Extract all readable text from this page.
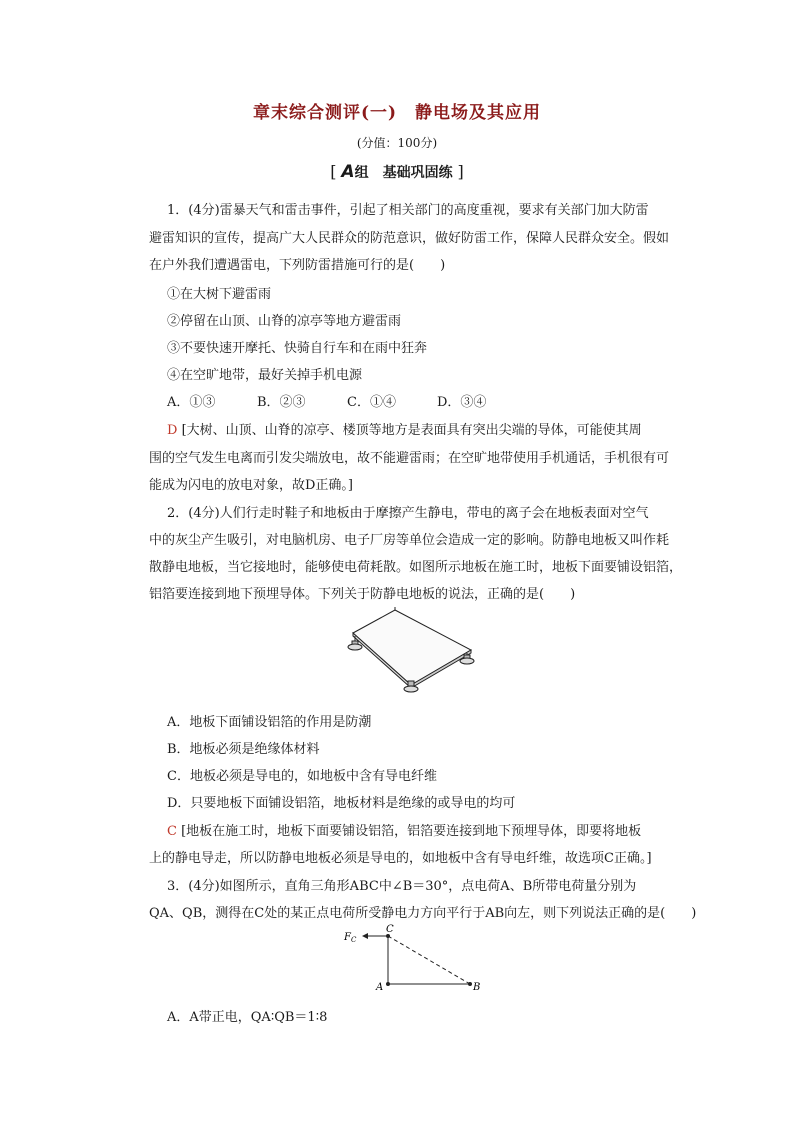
章末综合测评(一)　静电场及其应用
(分值：100分)
[ A组　基础巩固练 ]
1．(4分)雷暴天气和雷击事件，引起了相关部门的高度重视，要求有关部门加大防雷
避雷知识的宣传，提高广大人民群众的防范意识，做好防雷工作，保障人民群众安全。假如
在户外我们遭遇雷电，下列防雷措施可行的是(　　)
①在大树下避雷雨
②停留在山顶、山脊的凉亭等地方避雷雨
③不要快速开摩托、快骑自行车和在雨中狂奔
④在空旷地带，最好关掉手机电源
A．①③	B．②③	C．①④	D．③④
D [大树、山顶、山脊的凉亭、楼顶等地方是表面具有突出尖端的导体，可能使其周
围的空气发生电离而引发尖端放电，故不能避雷雨；在空旷地带使用手机通话，手机很有可
能成为闪电的放电对象，故D正确。]
2．(4分)人们行走时鞋子和地板由于摩擦产生静电，带电的离子会在地板表面对空气
中的灰尘产生吸引，对电脑机房、电子厂房等单位会造成一定的影响。防静电地板又叫作耗
散静电地板，当它接地时，能够使电荷耗散。如图所示地板在施工时，地板下面要铺设铝箔，
铝箔要连接到地下预埋导体。下列关于防静电地板的说法，正确的是(　　)
A．地板下面铺设铝箔的作用是防潮
B．地板必须是绝缘体材料
C．地板必须是导电的，如地板中含有导电纤维
D．只要地板下面铺设铝箔，地板材料是绝缘的或导电的均可
C [地板在施工时，地板下面要铺设铝箔，铝箔要连接到地下预埋导体，即要将地板
上的静电导走，所以防静电地板必须是导电的，如地板中含有导电纤维，故选项C正确。]
3．(4分)如图所示，直角三角形ABC中∠B＝30°，点电荷A、B所带电荷量分别为
QA、QB，测得在C处的某正点电荷所受静电力方向平行于AB向左，则下列说法正确的是(　　)
$F_C$
C
A	B
A．A带正电，QA∶QB＝1∶8
